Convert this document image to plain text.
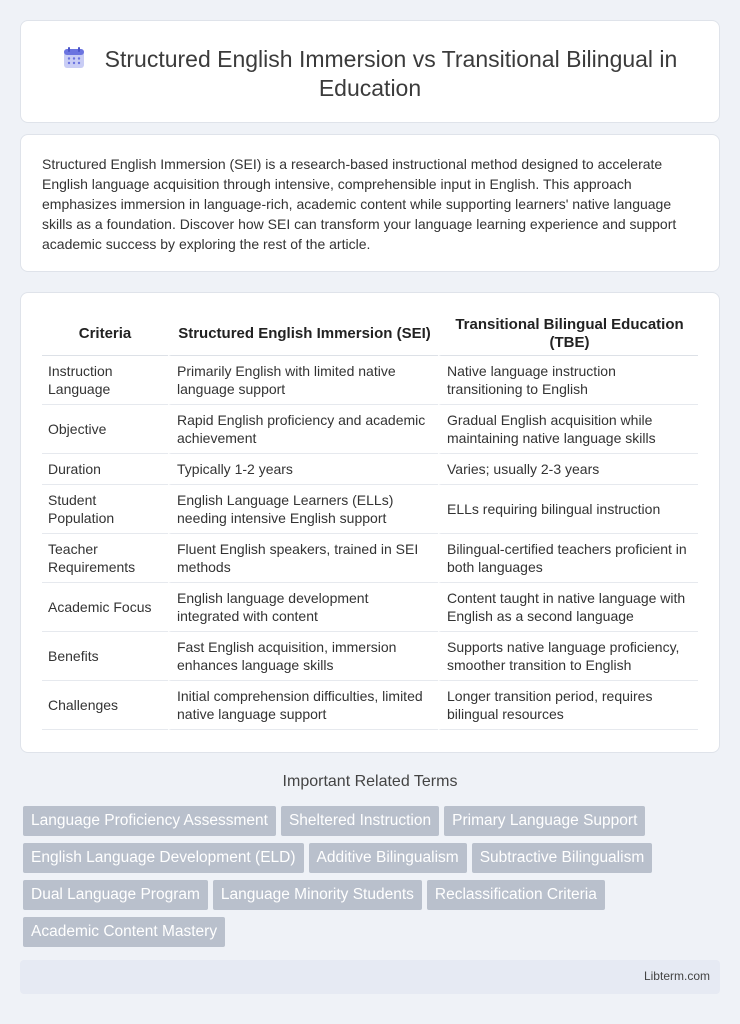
Structured English Immersion vs Transitional Bilingual in Education

Structured English Immersion (SEI) is a research-based instructional method designed to accelerate English language acquisition through intensive, comprehensible input in English. This approach emphasizes immersion in language-rich, academic content while supporting learners' native language skills as a foundation. Discover how SEI can transform your language learning experience and support academic success by exploring the rest of the article.

Criteria	Structured English Immersion (SEI)	Transitional Bilingual Education (TBE)
Instruction Language	Primarily English with limited native language support	Native language instruction transitioning to English
Objective	Rapid English proficiency and academic achievement	Gradual English acquisition while maintaining native language skills
Duration	Typically 1-2 years	Varies; usually 2-3 years
Student Population	English Language Learners (ELLs) needing intensive English support	ELLs requiring bilingual instruction
Teacher Requirements	Fluent English speakers, trained in SEI methods	Bilingual-certified teachers proficient in both languages
Academic Focus	English language development integrated with content	Content taught in native language with English as a second language
Benefits	Fast English acquisition, immersion enhances language skills	Supports native language proficiency, smoother transition to English
Challenges	Initial comprehension difficulties, limited native language support	Longer transition period, requires bilingual resources
Important Related Terms
Language Proficiency Assessment Sheltered Instruction Primary Language Support
English Language Development (ELD) Additive Bilingualism Subtractive Bilingualism
Dual Language Program Language Minority Students Reclassification Criteria
Academic Content Mastery
Libterm.com
